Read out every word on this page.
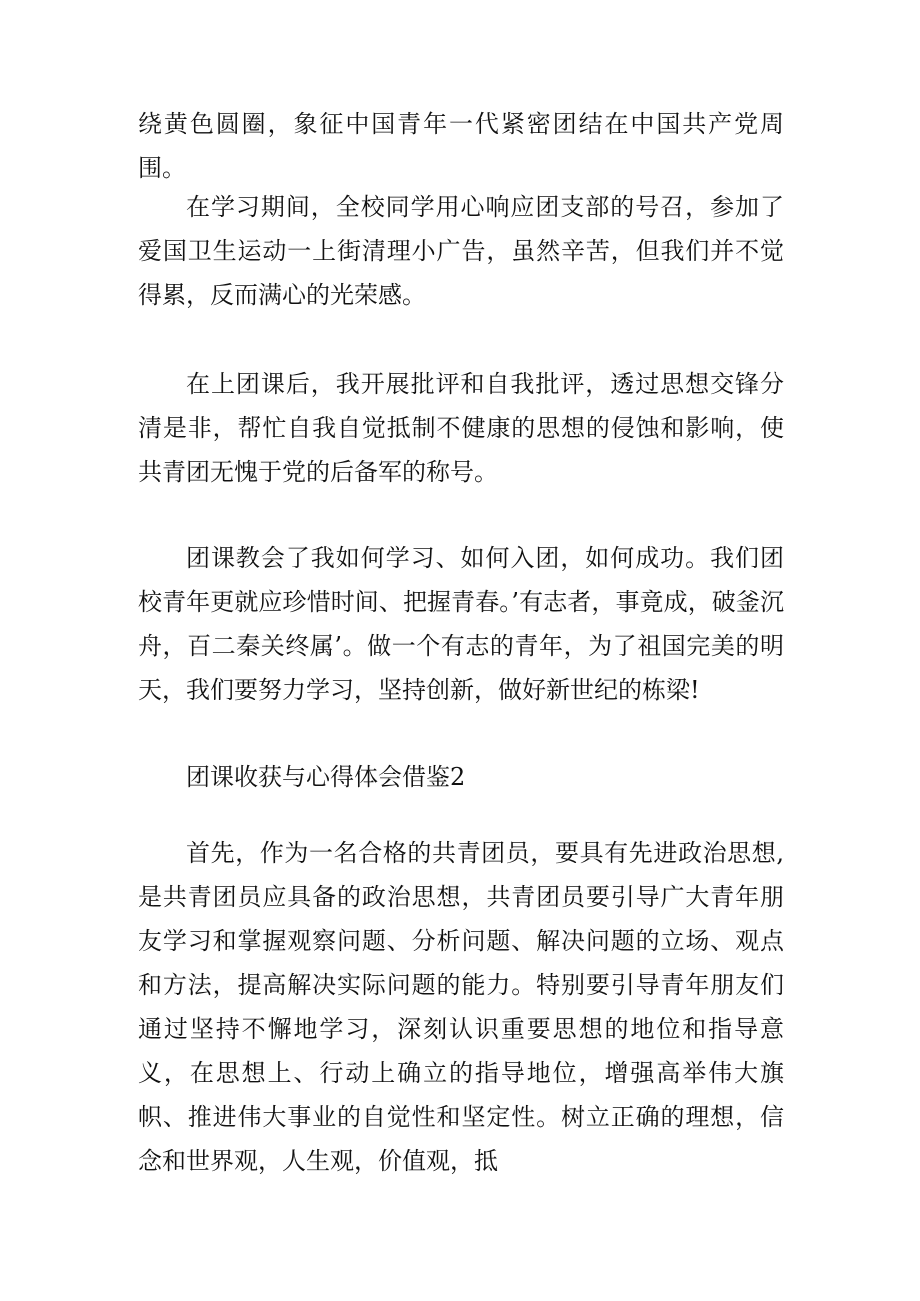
绕黄色圆圈，象征中国青年一代紧密团结在中国共产党周围。

在学习期间，全校同学用心响应团支部的号召，参加了爱国卫生运动一上街清理小广告，虽然辛苦，但我们并不觉得累，反而满心的光荣感。

在上团课后，我开展批评和自我批评，透过思想交锋分清是非，帮忙自我自觉抵制不健康的思想的侵蚀和影响，使共青团无愧于党的后备军的称号。

团课教会了我如何学习、如何入团，如何成功。我们团校青年更就应珍惜时间、把握青春。’有志者，事竟成，破釜沉舟，百二秦关终属’。做一个有志的青年，为了祖国完美的明天，我们要努力学习，坚持创新，做好新世纪的栋梁!

团课收获与心得体会借鉴2

首先，作为一名合格的共青团员，要具有先进政治思想,是共青团员应具备的政治思想，共青团员要引导广大青年朋友学习和掌握观察问题、分析问题、解决问题的立场、观点和方法，提高解决实际问题的能力。特别要引导青年朋友们通过坚持不懈地学习，深刻认识重要思想的地位和指导意义，在思想上、行动上确立的指导地位，增强高举伟大旗帜、推进伟大事业的自觉性和坚定性。树立正确的理想，信念和世界观，人生观，价值观，抵
